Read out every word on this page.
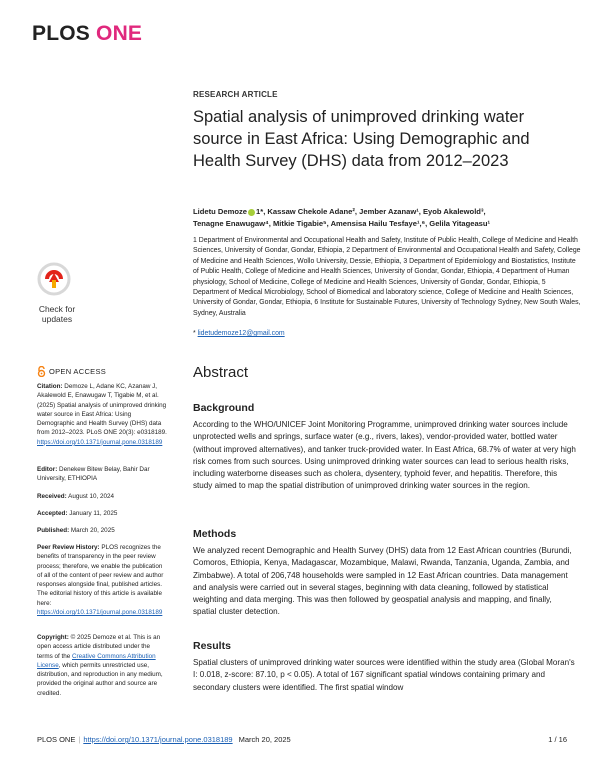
PLOS ONE
RESEARCH ARTICLE
Spatial analysis of unimproved drinking water source in East Africa: Using Demographic and Health Survey (DHS) data from 2012–2023
Lidetu Demoze 1*, Kassaw Chekole Adane², Jember Azanaw¹, Eyob Akalewold³,
Tenagne Enawugaw⁴, Mitkie Tigabie⁵, Amensisa Hailu Tesfaye¹,⁶, Gelila Yitageasu¹
1 Department of Environmental and Occupational Health and Safety, Institute of Public Health, College of Medicine and Health Sciences, University of Gondar, Gondar, Ethiopia, 2 Department of Environmental and Occupational Health and Safety, College of Medicine and Health Sciences, Wollo University, Dessie, Ethiopia, 3 Department of Epidemiology and Biostatistics, Institute of Public Health, College of Medicine and Health Sciences, University of Gondar, Gondar, Ethiopia, 4 Department of Human physiology, School of Medicine, College of Medicine and Health Sciences, University of Gondar, Gondar, Ethiopia, 5 Department of Medical Microbiology, School of Biomedical and laboratory science, College of Medicine and Health Sciences, University of Gondar, Gondar, Ethiopia, 6 Institute for Sustainable Futures, University of Technology Sydney, New South Wales, Sydney, Australia
* lidetudemoze12@gmail.com
Abstract
Background

According to the WHO/UNICEF Joint Monitoring Programme, unimproved drinking water sources include unprotected wells and springs, surface water (e.g., rivers, lakes), vendor-provided water, bottled water (without improved alternatives), and tanker truck-provided water. In East Africa, 68.7% of water at very high risk comes from such sources. Using unimproved drinking water sources can lead to serious health risks, including waterborne diseases such as cholera, dysentery, typhoid fever, and hepatitis. Therefore, this study aimed to map the spatial distribution of unimproved drinking water sources in the region.

Methods

We analyzed recent Demographic and Health Survey (DHS) data from 12 East African countries (Burundi, Comoros, Ethiopia, Kenya, Madagascar, Mozambique, Malawi, Rwanda, Tanzania, Uganda, Zambia, and Zimbabwe). A total of 206,748 households were sampled in 12 East African countries. Data management and analysis were carried out in several stages, beginning with data cleaning, followed by statistical weighting and data merging. This was then followed by geospatial analysis and mapping, and finally, spatial cluster detection.

Results

Spatial clusters of unimproved drinking water sources were identified within the study area (Global Moran's I: 0.018, z-score: 87.10, p < 0.05). A total of 167 significant spatial windows containing primary and secondary clusters were identified. The first spatial window

Check for
updates
OPEN ACCESS
Citation: Demoze L, Adane KC, Azanaw J, Akalewold E, Enawugaw T, Tigabie M, et al. (2025) Spatial analysis of unimproved drinking water source in East Africa: Using Demographic and Health Survey (DHS) data from 2012–2023. PLoS ONE 20(3): e0318189. https://doi.org/10.1371/journal.pone.0318189
Editor: Denekew Bitew Belay, Bahir Dar University, ETHIOPIA
Received: August 10, 2024
Accepted: January 11, 2025
Published: March 20, 2025
Peer Review History: PLOS recognizes the benefits of transparency in the peer review process; therefore, we enable the publication of all of the content of peer review and author responses alongside final, published articles. The editorial history of this article is available here: https://doi.org/10.1371/journal.pone.0318189
Copyright: © 2025 Demoze et al. This is an open access article distributed under the terms of the Creative Commons Attribution License, which permits unrestricted use, distribution, and reproduction in any medium, provided the original author and source are credited.
PLOS ONE | https://doi.org/10.1371/journal.pone.0318189 March 20, 2025	1 / 16
